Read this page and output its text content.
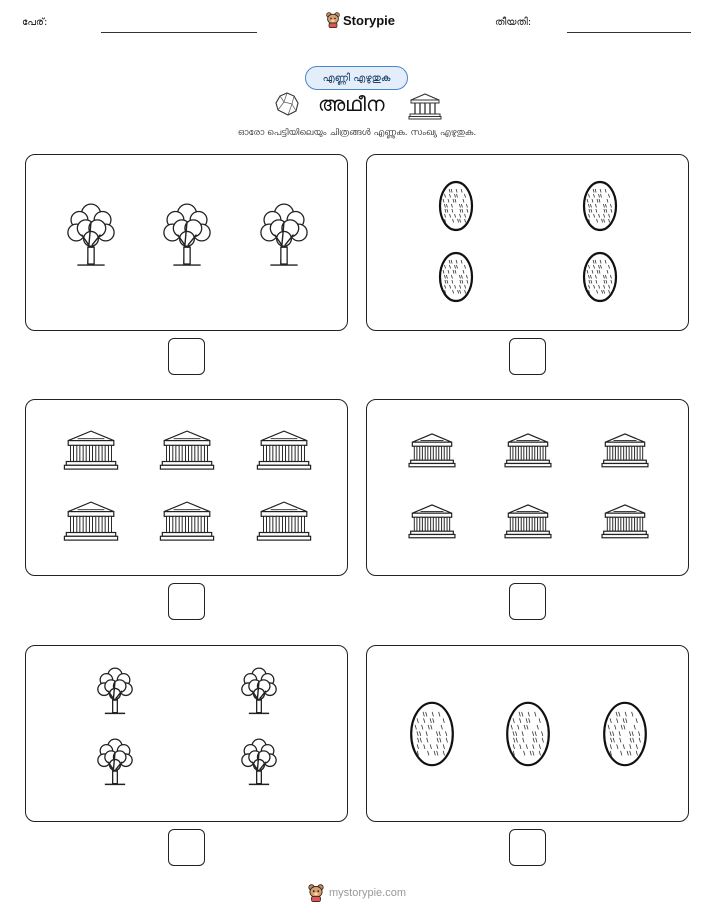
പേര്:	Storypie	തീയതി:
എണ്ണി എഴുതുക
അഥീന
ഓരോ പെട്ടിയിലെയും ചിത്രങ്ങൾ എണ്ണുക. സംഖ്യ എഴുതുക.
mystorypie.com
